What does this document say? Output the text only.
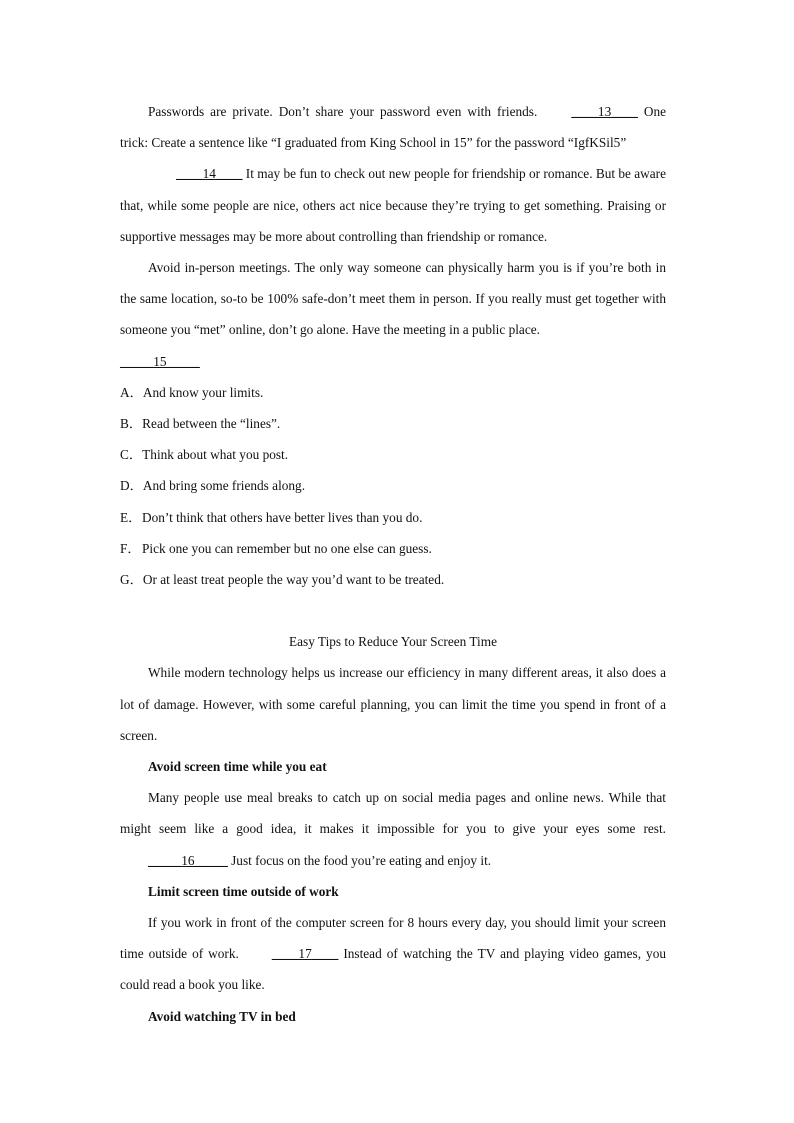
Passwords are private. Don’t share your password even with friends. ____13____ One trick: Create a sentence like “I graduated from King School in 15” for the password “IgfKSil5”

____14____ It may be fun to check out new people for friendship or romance. But be aware that, while some people are nice, others act nice because they’re trying to get something. Praising or supportive messages may be more about controlling than friendship or romance.

Avoid in-person meetings. The only way someone can physically harm you is if you’re both in the same location, so-to be 100% safe-don’t meet them in person. If you really must get together with someone you “met” online, don’t go alone. Have the meeting in a public place.

_____15_____

A．And know your limits.

B．Read between the “lines”.

C．Think about what you post.

D．And bring some friends along.

E．Don’t think that others have better lives than you do.

F．Pick one you can remember but no one else can guess.

G．Or at least treat people the way you’d want to be treated.

Easy Tips to Reduce Your Screen Time

While modern technology helps us increase our efficiency in many different areas, it also does a lot of damage. However, with some careful planning, you can limit the time you spend in front of a screen.

Avoid screen time while you eat

Many people use meal breaks to catch up on social media pages and online news. While that might seem like a good idea, it makes it impossible for you to give your eyes some rest. _____16_____ Just focus on the food you’re eating and enjoy it.

Limit screen time outside of work

If you work in front of the computer screen for 8 hours every day, you should limit your screen time outside of work. ____17____ Instead of watching the TV and playing video games, you could read a book you like.

Avoid watching TV in bed
